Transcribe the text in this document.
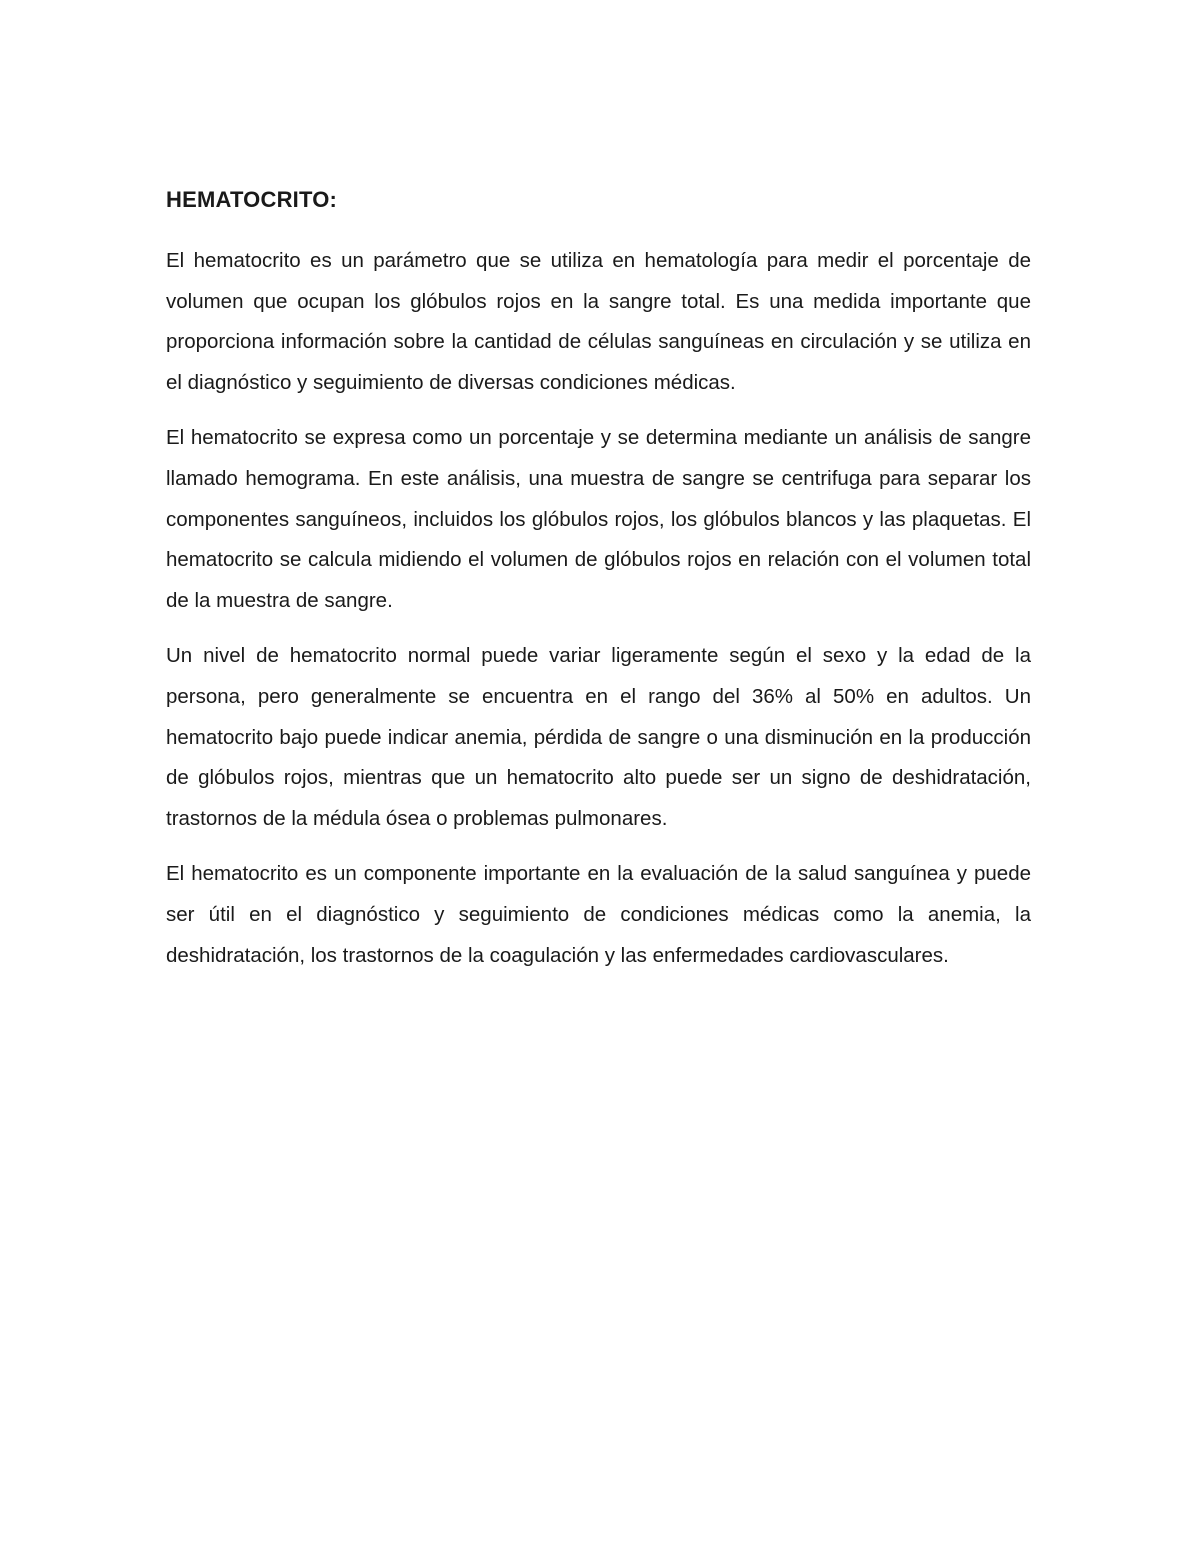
HEMATOCRITO:

El hematocrito es un parámetro que se utiliza en hematología para medir el porcentaje de volumen que ocupan los glóbulos rojos en la sangre total. Es una medida importante que proporciona información sobre la cantidad de células sanguíneas en circulación y se utiliza en el diagnóstico y seguimiento de diversas condiciones médicas.

El hematocrito se expresa como un porcentaje y se determina mediante un análisis de sangre llamado hemograma. En este análisis, una muestra de sangre se centrifuga para separar los componentes sanguíneos, incluidos los glóbulos rojos, los glóbulos blancos y las plaquetas. El hematocrito se calcula midiendo el volumen de glóbulos rojos en relación con el volumen total de la muestra de sangre.

Un nivel de hematocrito normal puede variar ligeramente según el sexo y la edad de la persona, pero generalmente se encuentra en el rango del 36% al 50% en adultos. Un hematocrito bajo puede indicar anemia, pérdida de sangre o una disminución en la producción de glóbulos rojos, mientras que un hematocrito alto puede ser un signo de deshidratación, trastornos de la médula ósea o problemas pulmonares.

El hematocrito es un componente importante en la evaluación de la salud sanguínea y puede ser útil en el diagnóstico y seguimiento de condiciones médicas como la anemia, la deshidratación, los trastornos de la coagulación y las enfermedades cardiovasculares.
